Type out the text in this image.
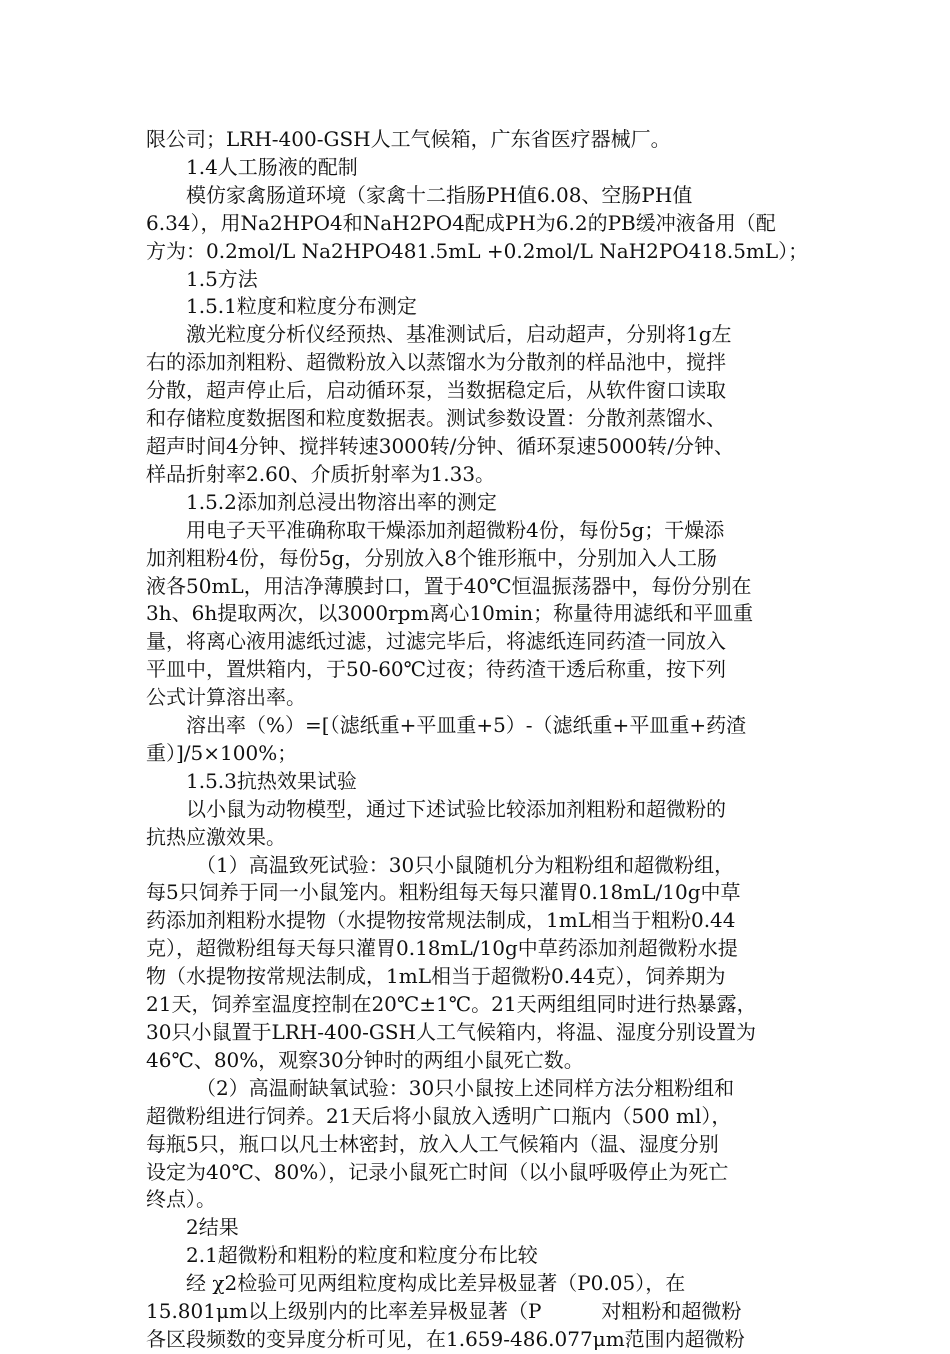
限公司；LRH-400-GSH人工气候箱，广东省医疗器械厂。

1.4人工肠液的配制

模仿家禽肠道环境（家禽十二指肠PH值6.08、空肠PH值

6.34），用Na2HPO4和NaH2PO4配成PH为6.2的PB缓冲液备用（配

方为：0.2mol/L Na2HPO481.5mL +0.2mol/L NaH2PO418.5mL）；

1.5方法

1.5.1粒度和粒度分布测定

激光粒度分析仪经预热、基准测试后，启动超声，分别将1g左

右的添加剂粗粉、超微粉放入以蒸馏水为分散剂的样品池中，搅拌

分散，超声停止后，启动循环泵，当数据稳定后，从软件窗口读取

和存储粒度数据图和粒度数据表。测试参数设置：分散剂蒸馏水、

超声时间4分钟、搅拌转速3000转/分钟、循环泵速5000转/分钟、

样品折射率2.60、介质折射率为1.33。

1.5.2添加剂总浸出物溶出率的测定

用电子天平准确称取干燥添加剂超微粉4份，每份5g；干燥添

加剂粗粉4份，每份5g，分别放入8个锥形瓶中，分别加入人工肠

液各50mL，用洁净薄膜封口，置于40℃恒温振荡器中，每份分别在

3h、6h提取两次，以3000rpm离心10min；称量待用滤纸和平皿重

量，将离心液用滤纸过滤，过滤完毕后，将滤纸连同药渣一同放入

平皿中，置烘箱内，于50-60℃过夜；待药渣干透后称重，按下列

公式计算溶出率。

溶出率（%）=[（滤纸重+平皿重+5）-（滤纸重+平皿重+药渣

重）]/5×100%；

1.5.3抗热效果试验

以小鼠为动物模型，通过下述试验比较添加剂粗粉和超微粉的

抗热应激效果。

（1）高温致死试验：30只小鼠随机分为粗粉组和超微粉组，

每5只饲养于同一小鼠笼内。粗粉组每天每只灌胃0.18mL/10g中草

药添加剂粗粉水提物（水提物按常规法制成，1mL相当于粗粉0.44

克），超微粉组每天每只灌胃0.18mL/10g中草药添加剂超微粉水提

物（水提物按常规法制成，1mL相当于超微粉0.44克），饲养期为

21天，饲养室温度控制在20℃±1℃。21天两组组同时进行热暴露，

30只小鼠置于LRH-400-GSH人工气候箱内，将温、湿度分别设置为

46℃、80%，观察30分钟时的两组小鼠死亡数。

（2）高温耐缺氧试验：30只小鼠按上述同样方法分粗粉组和

超微粉组进行饲养。21天后将小鼠放入透明广口瓶内（500 ml），

每瓶5只，瓶口以凡士林密封，放入人工气候箱内（温、湿度分别

设定为40℃、80%），记录小鼠死亡时间（以小鼠呼吸停止为死亡

终点）。

2结果

2.1超微粉和粗粉的粒度和粒度分布比较

经 χ2检验可见两组粒度构成比差异极显著（P0.05），在

15.801μm以上级别内的比率差异极显著（P　　　对粗粉和超微粉

各区段频数的变异度分析可见，在1.659-486.077μm范围内超微粉
